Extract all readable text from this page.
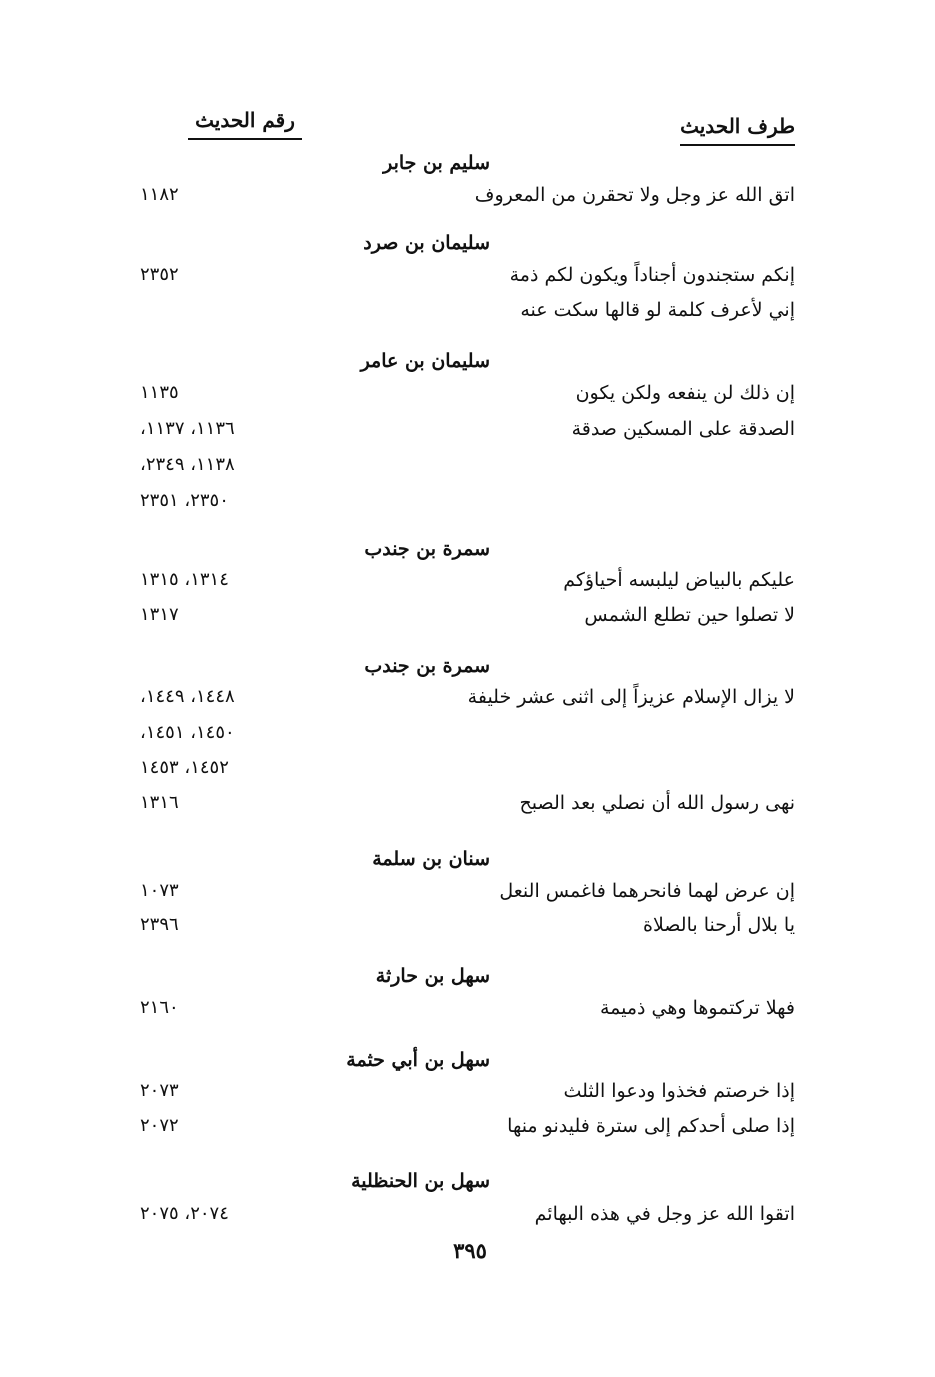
طرف الحديث
رقم الحديث
سليم بن جابر
اتق الله عز وجل ولا تحقرن من المعروف
١١٨٢
سليمان بن صرد
إنكم ستجندون أجناداً ويكون لكم ذمة
٢٣٥٢
إني لأعرف كلمة لو قالها سكت عنه
سليمان بن عامر
إن ذلك لن ينفعه ولكن يكون
١١٣٥
الصدقة على المسكين صدقة
١١٣٦، ١١٣٧،
١١٣٨، ٢٣٤٩،
٢٣٥٠، ٢٣٥١
سمرة بن جندب
عليكم بالبياض ليلبسه أحياؤكم
١٣١٤، ١٣١٥
لا تصلوا حين تطلع الشمس
١٣١٧
سمرة بن جندب
لا يزال الإسلام عزيزاً إلى اثنى عشر خليفة
١٤٤٨، ١٤٤٩،
١٤٥٠، ١٤٥١،
١٤٥٢، ١٤٥٣
نهى رسول الله أن نصلي بعد الصبح
١٣١٦
سنان بن سلمة
إن عرض لهما فانحرهما فاغمس النعل
١٠٧٣
يا بلال أرحنا بالصلاة
٢٣٩٦
سهل بن حارثة
فهلا تركتموها وهي ذميمة
٢١٦٠
سهل بن أبي حثمة
إذا خرصتم فخذوا ودعوا الثلث
٢٠٧٣
إذا صلى أحدكم إلى سترة فليدنو منها
٢٠٧٢
سهل بن الحنظلية
اتقوا الله عز وجل في هذه البهائم
٢٠٧٤، ٢٠٧٥
٣٩٥
